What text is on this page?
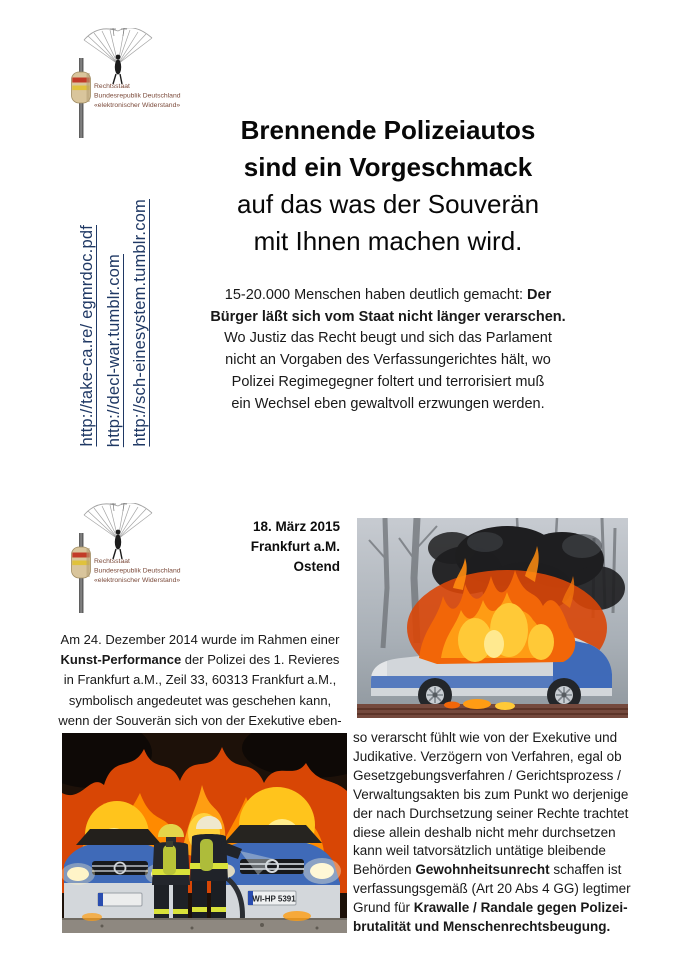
Rechtsstaat
Bundesrepublik Deutschland
«elektronischer Widerstand»
http://take-ca.re/ egmrdoc.pdf http://decl-war.tumblr.com http://sch-einesystem.tumblr.com
Brennende Polizeiautos
sind ein Vorgeschmack
auf das was der Souverän
mit Ihnen machen wird.
15-20.000 Menschen haben deutlich gemacht: Der
Bürger läßt sich vom Staat nicht länger verarschen.
Wo Justiz das Recht beugt und sich das Parlament
nicht an Vorgaben des Verfassungerichtes hält, wo
Polizei Regimegegner foltert und terrorisiert muß
ein Wechsel eben gewaltvoll erzwungen werden.
Rechtsstaat
Bundesrepublik Deutschland
«elektronischer Widerstand»
18. März 2015
Frankfurt a.M.
Ostend
Am 24. Dezember 2014 wurde im Rahmen einer
Kunst-Performance der Polizei des 1. Revieres
in Frankfurt a.M., Zeil 33, 60313 Frankfurt a.M.,
symbolisch angedeutet was geschehen kann,
wenn der Souverän sich von der Exekutive eben-
WI-HP 5391
so verarscht fühlt wie von der Exekutive und
Judikative. Verzögern von Verfahren, egal ob
Gesetzgebungsverfahren / Gerichtsprozess /
Verwaltungsakten bis zum Punkt wo derjenige
der nach Durchsetzung seiner Rechte trachtet
diese allein deshalb nicht mehr durchsetzen
kann weil tatvorsätzlich untätige bleibende
Behörden Gewohnheitsunrecht schaffen ist
verfassungsgemäß (Art 20 Abs 4 GG) legtimer
Grund für Krawalle / Randale gegen Polizei-
brutalität und Menschenrechtsbeugung.
